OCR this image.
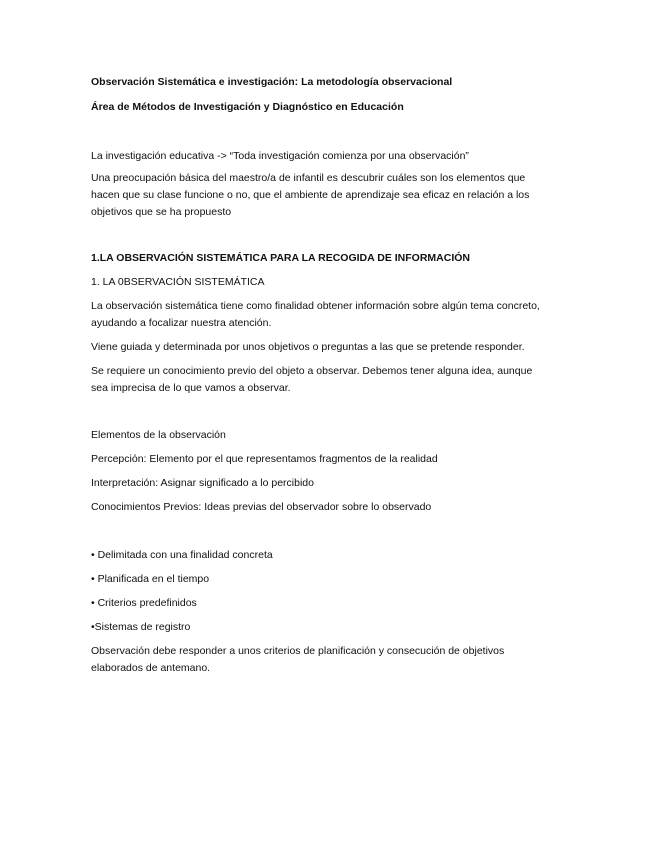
Observación Sistemática e investigación: La metodología observacional
Área de Métodos de Investigación y Diagnóstico en Educación
La investigación educativa -> “Toda investigación comienza por una observación”
Una preocupación básica del maestro/a de infantil es descubrir cuáles son los elementos que
hacen que su clase funcione o no, que el ambiente de aprendizaje sea eficaz en relación a los
objetivos que se ha propuesto
1.LA OBSERVACIÓN SISTEMÁTICA PARA LA RECOGIDA DE INFORMACIÓN
1. LA 0BSERVACIÓN SISTEMÁTICA
La observación sistemática tiene como finalidad obtener información sobre algún tema concreto,
ayudando a focalizar nuestra atención.
Viene guiada y determinada por unos objetivos o preguntas a las que se pretende responder.
Se requiere un conocimiento previo del objeto a observar. Debemos tener alguna idea, aunque
sea imprecisa de lo que vamos a observar.
Elementos de la observación
Percepción: Elemento por el que representamos fragmentos de la realidad
Interpretación: Asignar significado a lo percibido
Conocimientos Previos: Ideas previas del observador sobre lo observado
• Delimitada con una finalidad concreta
• Planificada en el tiempo
• Criterios predefinidos
•Sistemas de registro
Observación debe responder a unos criterios de planificación y consecución de objetivos
elaborados de antemano.
